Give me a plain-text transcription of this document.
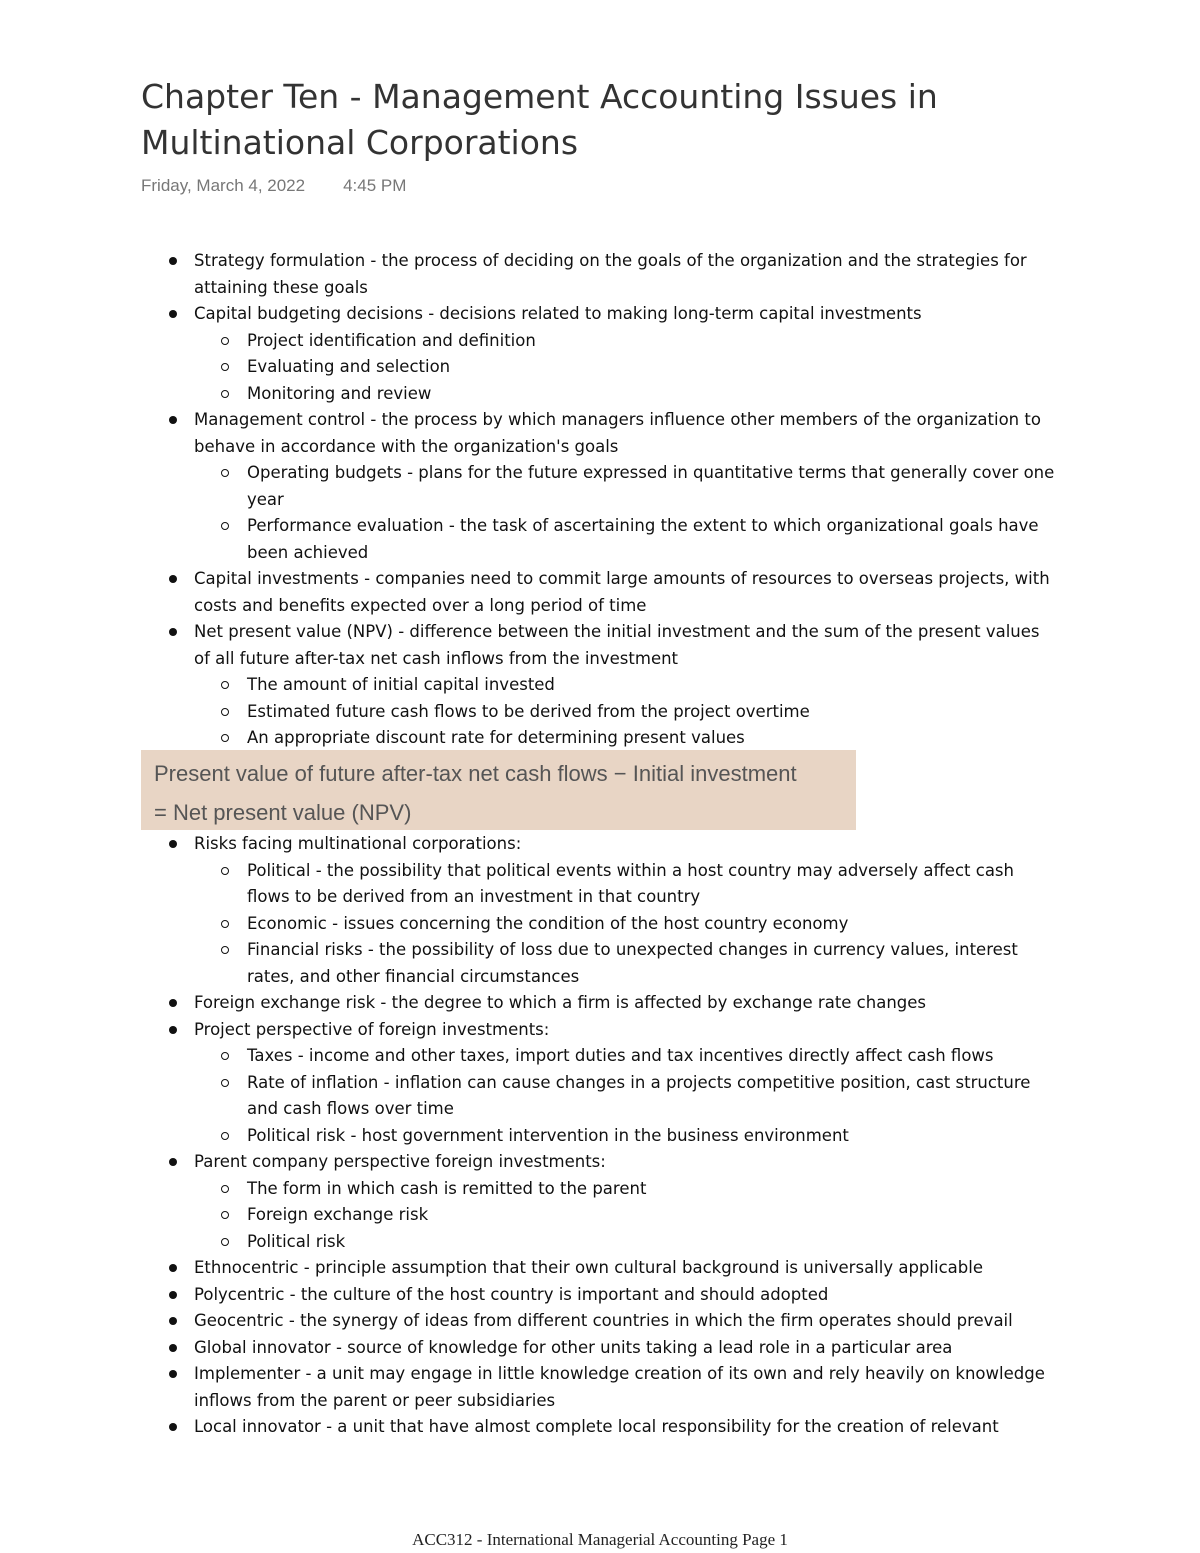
Chapter Ten - Management Accounting Issues in Multinational Corporations
Friday, March 4, 2022 4:45 PM
Strategy formulation - the process of deciding on the goals of the organization and the strategies for attaining these goals
Capital budgeting decisions - decisions related to making long-term capital investments
Project identification and definition
Evaluating and selection
Monitoring and review
Management control - the process by which managers influence other members of the organization to behave in accordance with the organization's goals
Operating budgets - plans for the future expressed in quantitative terms that generally cover one year
Performance evaluation - the task of ascertaining the extent to which organizational goals have been achieved
Capital investments - companies need to commit large amounts of resources to overseas projects, with costs and benefits expected over a long period of time
Net present value (NPV) - difference between the initial investment and the sum of the present values of all future after-tax net cash inflows from the investment
The amount of initial capital invested
Estimated future cash flows to be derived from the project overtime
An appropriate discount rate for determining present values
Present value of future after-tax net cash flows − Initial investment
= Net present value (NPV)
Risks facing multinational corporations:
Political - the possibility that political events within a host country may adversely affect cash flows to be derived from an investment in that country
Economic - issues concerning the condition of the host country economy
Financial risks - the possibility of loss due to unexpected changes in currency values, interest rates, and other financial circumstances
Foreign exchange risk - the degree to which a firm is affected by exchange rate changes
Project perspective of foreign investments:
Taxes - income and other taxes, import duties and tax incentives directly affect cash flows
Rate of inflation - inflation can cause changes in a projects competitive position, cast structure and cash flows over time
Political risk - host government intervention in the business environment
Parent company perspective foreign investments:
The form in which cash is remitted to the parent
Foreign exchange risk
Political risk
Ethnocentric - principle assumption that their own cultural background is universally applicable
Polycentric - the culture of the host country is important and should adopted
Geocentric - the synergy of ideas from different countries in which the firm operates should prevail
Global innovator - source of knowledge for other units taking a lead role in a particular area
Implementer - a unit may engage in little knowledge creation of its own and rely heavily on knowledge inflows from the parent or peer subsidiaries
Local innovator - a unit that have almost complete local responsibility for the creation of relevant
ACC312 - International Managerial Accounting Page 1
